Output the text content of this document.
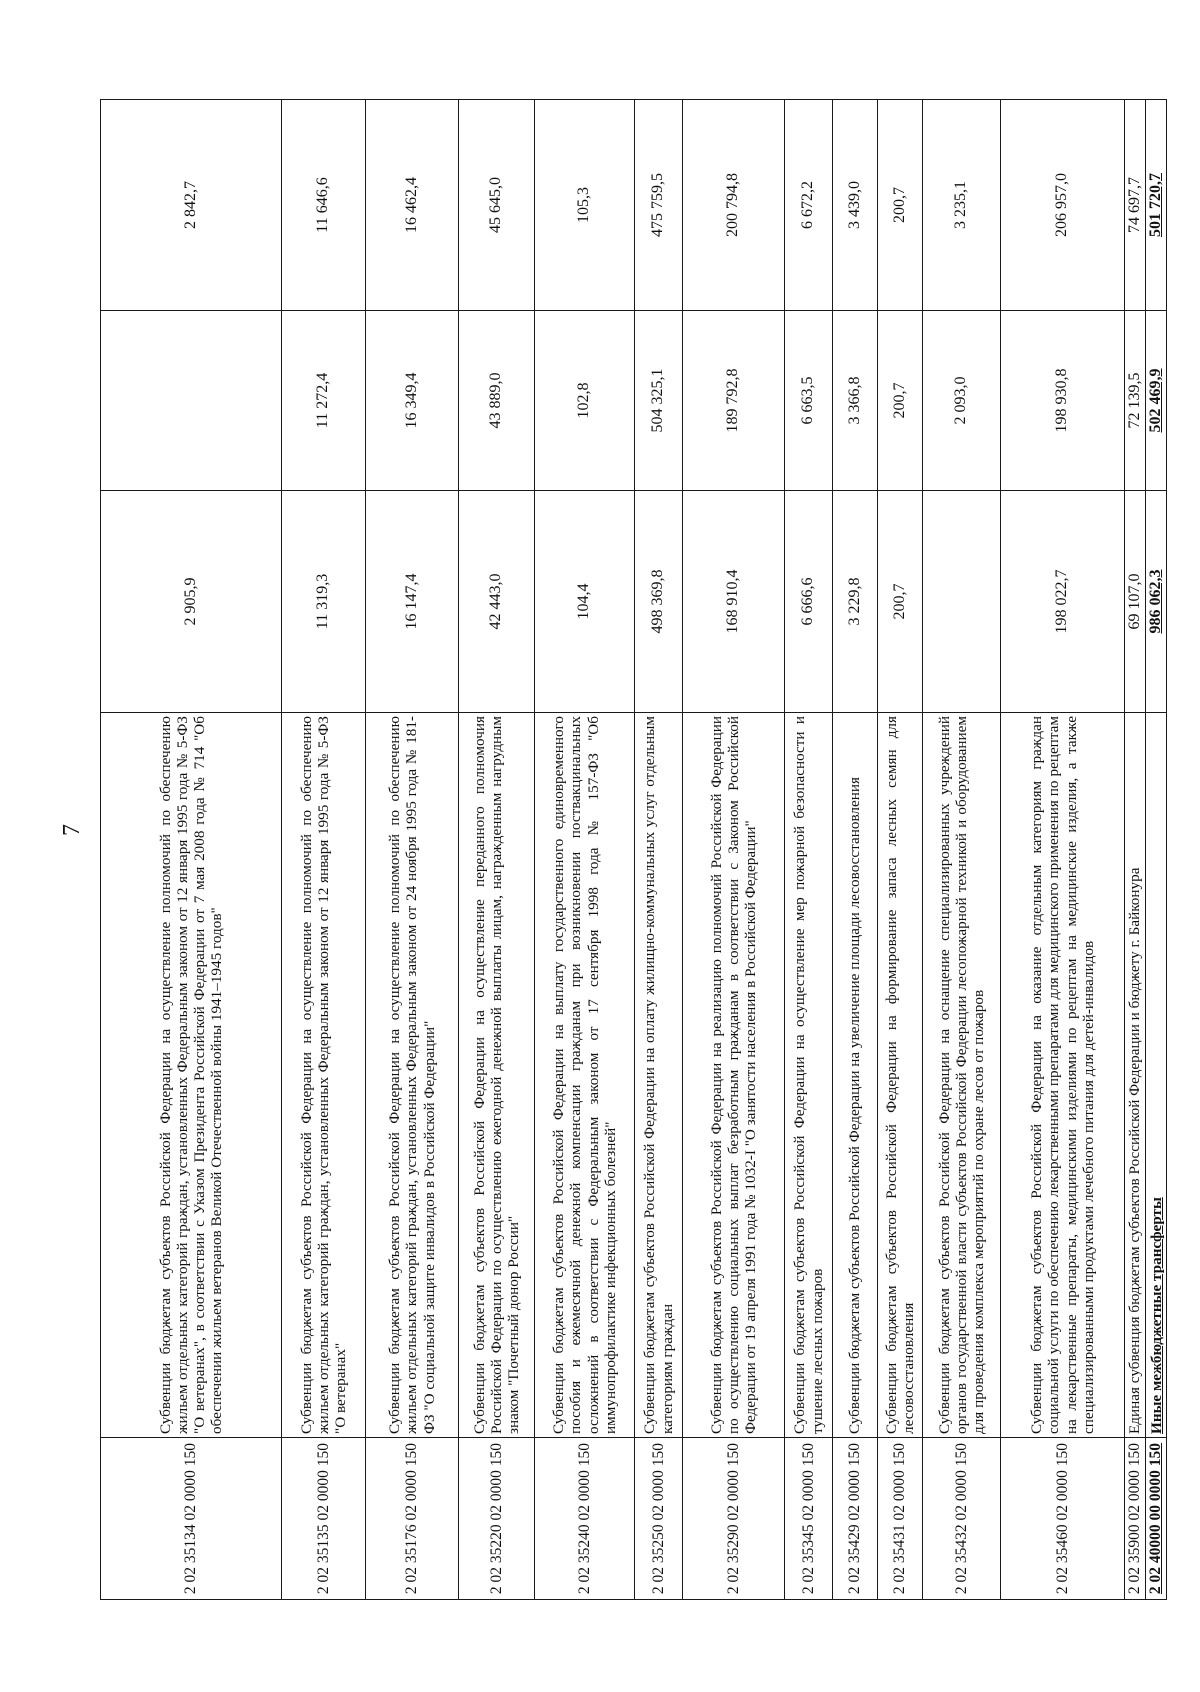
7
2 02 35134 02 0000 150	Субвенции бюджетам субъектов Российской Федерации на осуществление полномочий по обеспечению жильем отдельных категорий граждан, установленных Федеральным законом от 12 января 1995 года № 5-ФЗ "О ветеранах", в соответствии с Указом Президента Российской Федерации от 7 мая 2008 года № 714 "Об обеспечении жильем ветеранов Великой Отечественной войны 1941–1945 годов"	2 905,9		2 842,7
2 02 35135 02 0000 150	Субвенции бюджетам субъектов Российской Федерации на осуществление полномочий по обеспечению жильем отдельных категорий граждан, установленных Федеральным законом от 12 января 1995 года № 5-ФЗ "О ветеранах"	11 319,3	11 272,4	11 646,6
2 02 35176 02 0000 150	Субвенции бюджетам субъектов Российской Федерации на осуществление полномочий по обеспечению жильем отдельных категорий граждан, установленных Федеральным законом от 24 ноября 1995 года № 181-ФЗ "О социальной защите инвалидов в Российской Федерации"	16 147,4	16 349,4	16 462,4
2 02 35220 02 0000 150	Субвенции бюджетам субъектов Российской Федерации на осуществление переданного полномочия Российской Федерации по осуществлению ежегодной денежной выплаты лицам, награжденным нагрудным знаком "Почетный донор России"	42 443,0	43 889,0	45 645,0
2 02 35240 02 0000 150	Субвенции бюджетам субъектов Российской Федерации на выплату государственного единовременного пособия и ежемесячной денежной компенсации гражданам при возникновении поствакцинальных осложнений в соответствии с Федеральным законом от 17 сентября 1998 года № 157-ФЗ "Об иммунопрофилактике инфекционных болезней"	104,4	102,8	105,3
2 02 35250 02 0000 150	Субвенции бюджетам субъектов Российской Федерации на оплату жилищно-коммунальных услуг отдельным категориям граждан	498 369,8	504 325,1	475 759,5
2 02 35290 02 0000 150	Субвенции бюджетам субъектов Российской Федерации на реализацию полномочий Российской Федерации по осуществлению социальных выплат безработным гражданам в соответствии с Законом Российской Федерации от 19 апреля 1991 года № 1032-I "О занятости населения в Российской Федерации"	168 910,4	189 792,8	200 794,8
2 02 35345 02 0000 150	Субвенции бюджетам субъектов Российской Федерации на осуществление мер пожарной безопасности и тушение лесных пожаров	6 666,6	6 663,5	6 672,2
2 02 35429 02 0000 150	Субвенции бюджетам субъектов Российской Федерации на увеличение площади лесовосстановления	3 229,8	3 366,8	3 439,0
2 02 35431 02 0000 150	Субвенции бюджетам субъектов Российской Федерации на формирование запаса лесных семян для лесовосстановления	200,7	200,7	200,7
2 02 35432 02 0000 150	Субвенции бюджетам субъектов Российской Федерации на оснащение специализированных учреждений органов государственной власти субъектов Российской Федерации лесопожарной техникой и оборудованием для проведения комплекса мероприятий по охране лесов от пожаров		2 093,0	3 235,1
2 02 35460 02 0000 150	Субвенции бюджетам субъектов Российской Федерации на оказание отдельным категориям граждан социальной услуги по обеспечению лекарственными препаратами для медицинского применения по рецептам на лекарственные препараты, медицинскими изделиями по рецептам на медицинские изделия, а также специализированными продуктами лечебного питания для детей-инвалидов	198 022,7	198 930,8	206 957,0
2 02 35900 02 0000 150	Единая субвенция бюджетам субъектов Российской Федерации и бюджету г. Байконура	69 107,0	72 139,5	74 697,7
2 02 40000 00 0000 150	Иные межбюджетные трансферты	986 062,3	502 469,9	501 720,7
